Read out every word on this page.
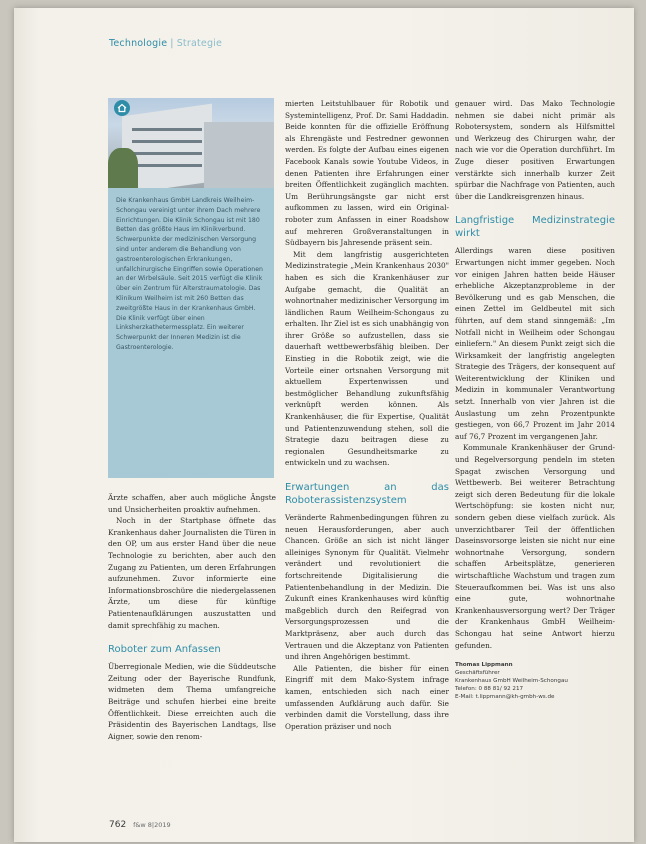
Technologie | Strategie

Die Krankenhaus GmbH Landkreis Weilheim-Schongau vereinigt unter ihrem Dach mehrere Einrichtungen. Die Klinik Schongau ist mit 180 Betten das größte Haus im Klinikverbund. Schwerpunkte der medizinischen Versorgung sind unter anderem die Behandlung von gastroenterologischen Erkrankungen, unfallchirurgische Eingriffen sowie Operationen an der Wirbelsäule. Seit 2015 verfügt die Klinik über ein Zentrum für Alterstraumatologie. Das Klinikum Weilheim ist mit 260 Betten das zweitgrößte Haus in der Krankenhaus GmbH. Die Klinik verfügt über einen Linksherzkathetermessplatz. Ein weiterer Schwerpunkt der Inneren Medizin ist die Gastroenterologie.

Ärzte schaffen, aber auch mögliche Ängste und Unsicherheiten proaktiv aufnehmen.

Noch in der Startphase öffnete das Krankenhaus daher Journalisten die Türen in den OP, um aus erster Hand über die neue Technologie zu berichten, aber auch den Zugang zu Patienten, um deren Erfahrungen aufzunehmen. Zuvor informierte eine Informationsbroschüre die niedergelassenen Ärzte, um diese für künftige Patientenaufklärungen auszustatten und damit sprechfähig zu machen.

Roboter zum Anfassen

Überregionale Medien, wie die Süddeutsche Zeitung oder der Bayerische Rundfunk, widmeten dem Thema umfangreiche Beiträge und schufen hierbei eine breite Öffentlichkeit. Diese erreichten auch die Präsidentin des Bayerischen Landtags, Ilse Aigner, sowie den renom-

mierten Leitstuhlbauer für Robotik und Systemintelligenz, Prof. Dr. Sami Haddadin. Beide konnten für die offizielle Eröffnung als Ehrengäste und Festredner gewonnen werden. Es folgte der Aufbau eines eigenen Facebook Kanals sowie Youtube Videos, in denen Patienten ihre Erfahrungen einer breiten Öffentlichkeit zugänglich machten. Um Berührungsängste gar nicht erst aufkommen zu lassen, wird ein Original-roboter zum Anfassen in einer Roadshow auf mehreren Großveranstaltungen in Südbayern bis Jahresende präsent sein.

Mit dem langfristig ausgerichteten Medizinstrategie „Mein Krankenhaus 2030" haben es sich die Krankenhäuser zur Aufgabe gemacht, die Qualität an wohnortnaher medizinischer Versorgung im ländlichen Raum Weilheim-Schongaus zu erhalten. Ihr Ziel ist es sich unabhängig von ihrer Größe so aufzustellen, dass sie dauerhaft wettbewerbsfähig bleiben. Der Einstieg in die Robotik zeigt, wie die Vorteile einer ortsnahen Versorgung mit aktuellem Expertenwissen und bestmöglicher Behandlung zukunftsfähig verknüpft werden können. Als Krankenhäuser, die für Expertise, Qualität und Patientenzuwendung stehen, soll die Strategie dazu beitragen diese zu regionalen Gesundheitsmarke zu entwickeln und zu wachsen.

Erwartungen an das Roboterassistenzsystem

Veränderte Rahmenbedingungen führen zu neuen Herausforderungen, aber auch Chancen. Größe an sich ist nicht länger alleiniges Synonym für Qualität. Vielmehr verändert und revolutioniert die fortschreitende Digitalisierung die Patientenbehandlung in der Medizin. Die Zukunft eines Krankenhauses wird künftig maßgeblich durch den Reifegrad von Versorgungsprozessen und die Marktpräsenz, aber auch durch das Vertrauen und die Akzeptanz von Patienten und ihren Angehörigen bestimmt.

Alle Patienten, die bisher für einen Eingriff mit dem Mako-System infrage kamen, entschieden sich nach einer umfassenden Aufklärung auch dafür. Sie verbinden damit die Vorstellung, dass ihre Operation präziser und noch

genauer wird. Das Mako Technologie nehmen sie dabei nicht primär als Robotersystem, sondern als Hilfsmittel und Werkzeug des Chirurgen wahr, der nach wie vor die Operation durchführt. Im Zuge dieser positiven Erwartungen verstärkte sich innerhalb kurzer Zeit spürbar die Nachfrage von Patienten, auch über die Landkreisgrenzen hinaus.

Langfristige Medizinstrategie wirkt

Allerdings waren diese positiven Erwartungen nicht immer gegeben. Noch vor einigen Jahren hatten beide Häuser erhebliche Akzeptanzprobleme in der Bevölkerung und es gab Menschen, die einen Zettel im Geldbeutel mit sich führten, auf dem stand sinngemäß: „Im Notfall nicht in Weilheim oder Schongau einliefern." An diesem Punkt zeigt sich die Wirksamkeit der langfristig angelegten Strategie des Trägers, der konsequent auf Weiterentwicklung der Kliniken und Medizin in kommunaler Verantwortung setzt. Innerhalb von vier Jahren ist die Auslastung um zehn Prozentpunkte gestiegen, von 66,7 Prozent im Jahr 2014 auf 76,7 Prozent im vergangenen Jahr.

Kommunale Krankenhäuser der Grund- und Regelversorgung pendeln im steten Spagat zwischen Versorgung und Wettbewerb. Bei weiterer Betrachtung zeigt sich deren Bedeutung für die lokale Wertschöpfung: sie kosten nicht nur, sondern geben diese vielfach zurück. Als unverzichtbarer Teil der öffentlichen Daseinsvorsorge leisten sie nicht nur eine wohnortnahe Versorgung, sondern schaffen Arbeitsplätze, generieren wirtschaftliche Wachstum und tragen zum Steueraufkommen bei. Was ist uns also eine gute, wohnortnahe Krankenhausversorgung wert? Der Träger der Krankenhaus GmbH Weilheim-Schongau hat seine Antwort hierzu gefunden.

Thomas Lippmann
Geschäftsführer
Krankenhaus GmbH Weilheim-Schongau
Telefon: 0 88 81/ 92 217
E-Mail: t.lippmann@kh-gmbh-ws.de
762 f&w 8|2019
